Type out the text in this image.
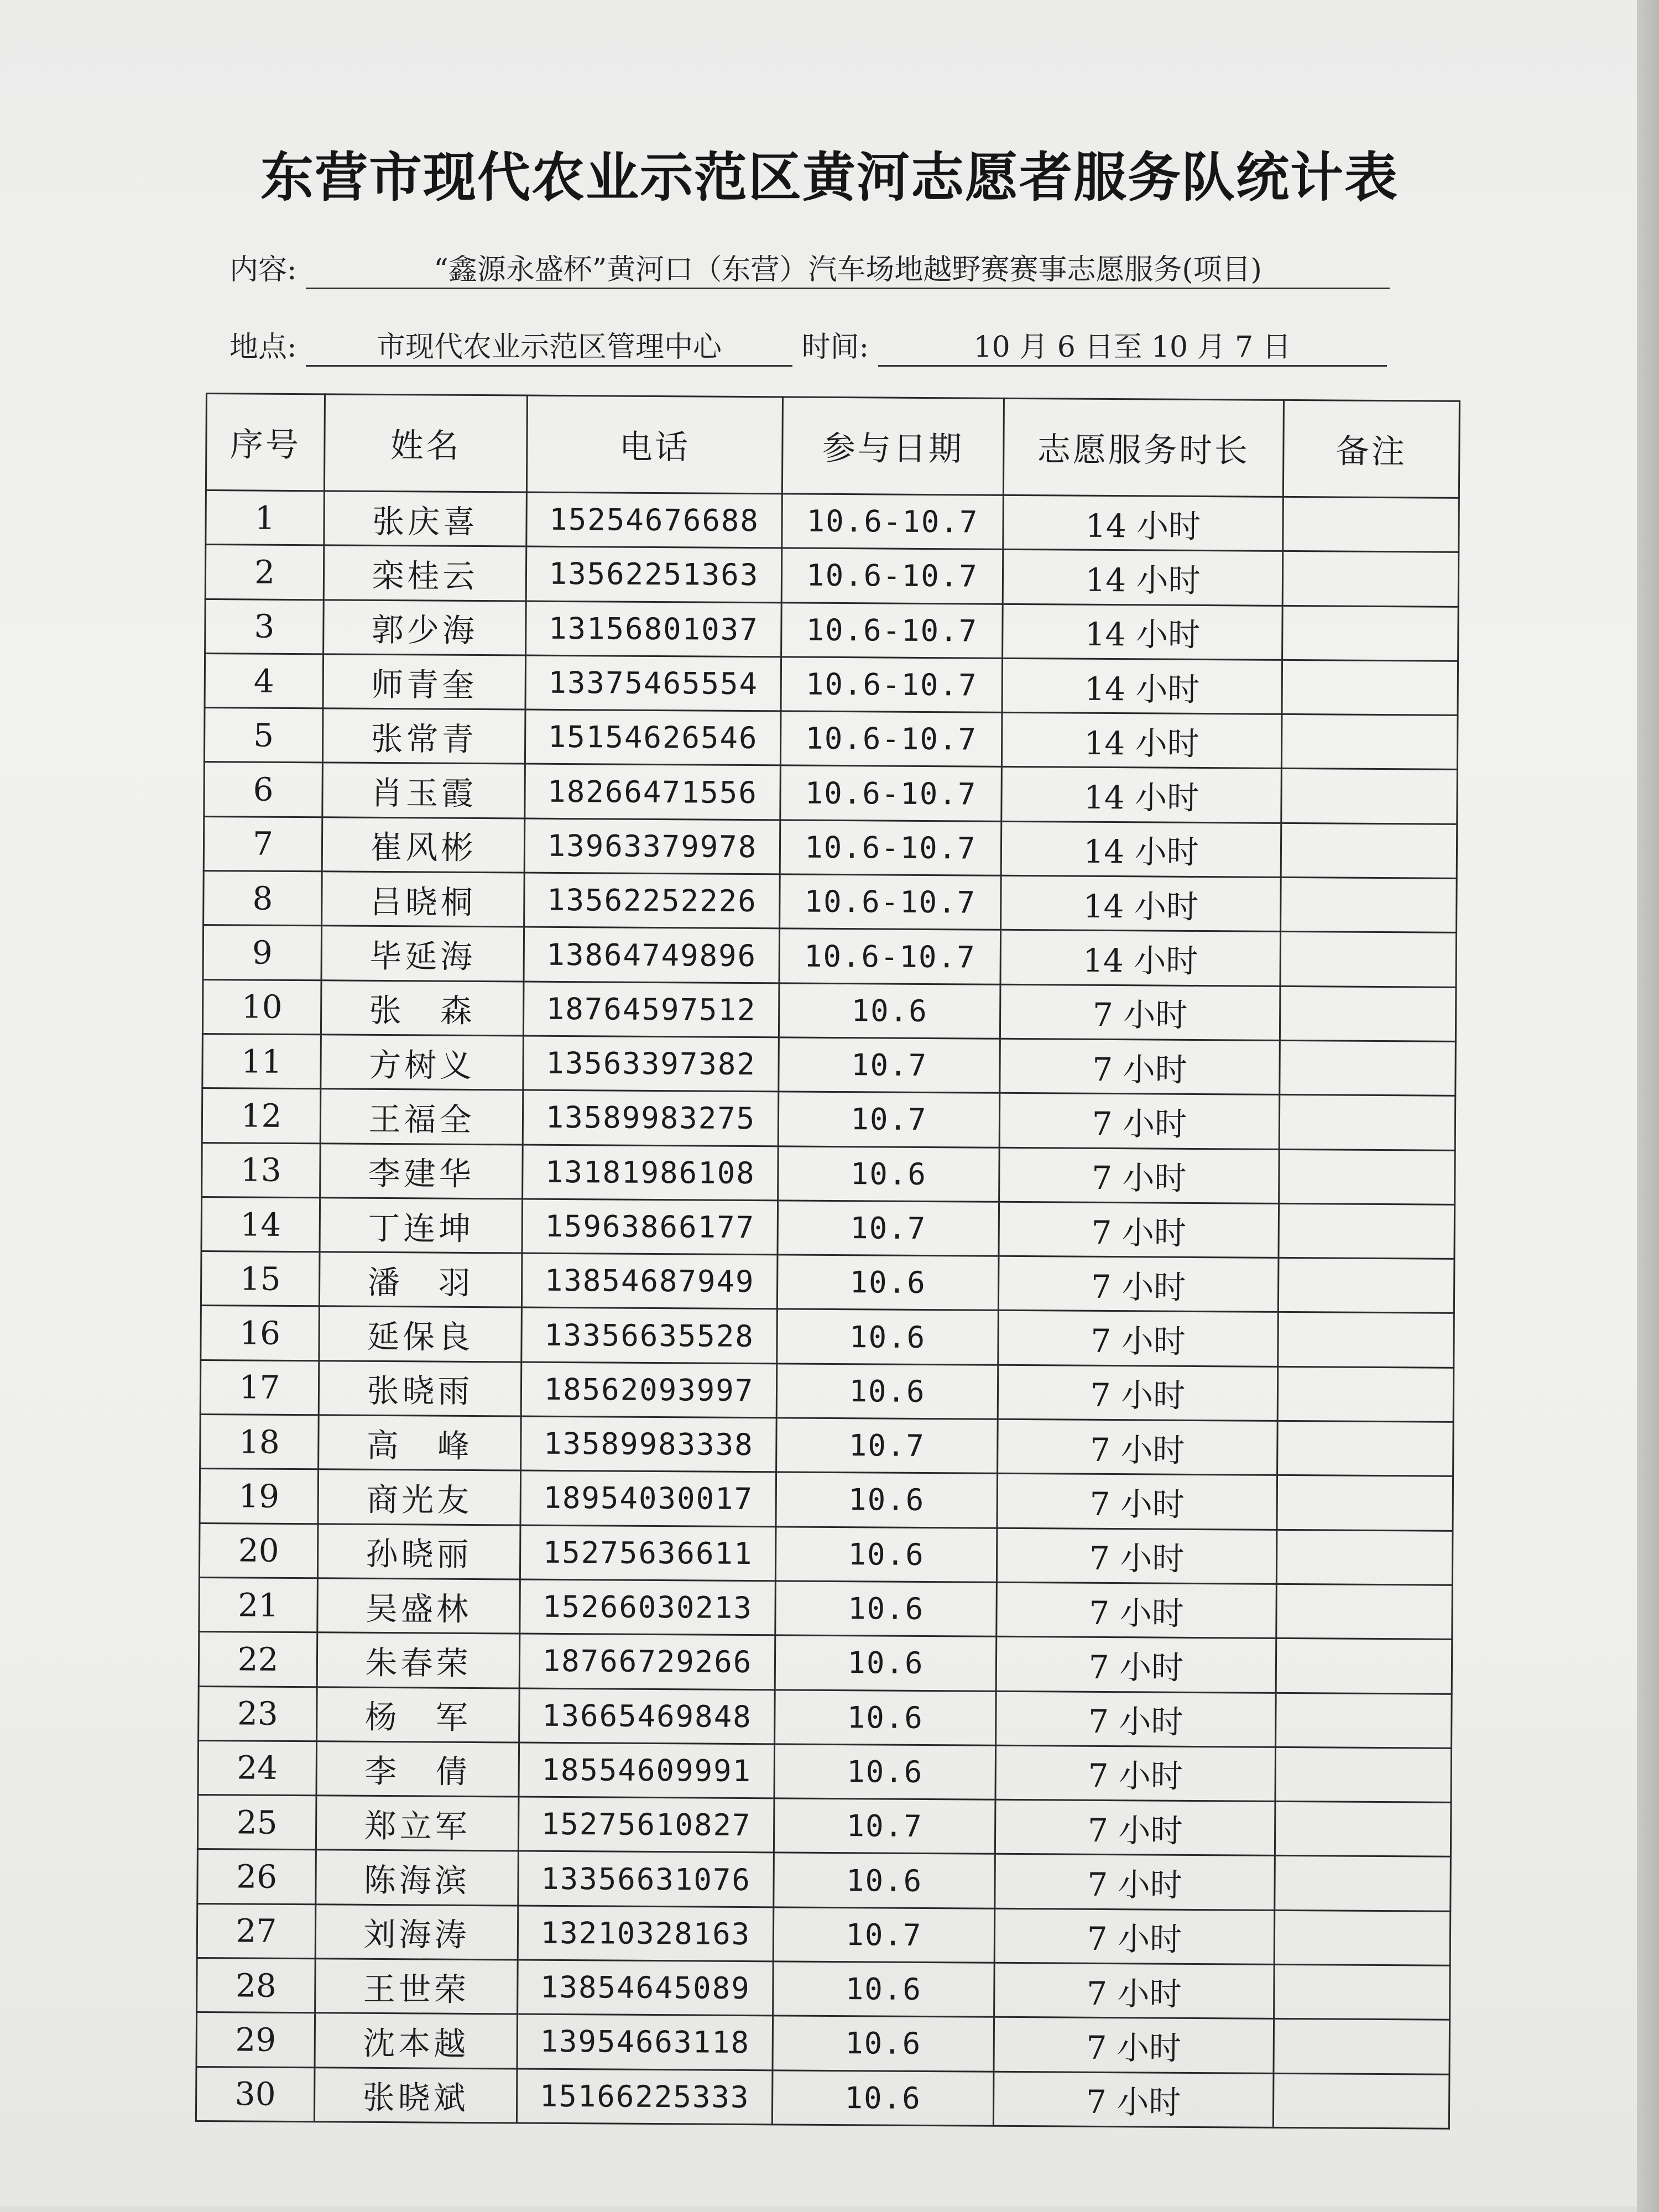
东营市现代农业示范区黄河志愿者服务队统计表
内容:	“鑫源永盛杯”黄河口（东营）汽车场地越野赛赛事志愿服务(项目)
地点:	市现代农业示范区管理中心	时间:	10 月 6 日至 10 月 7 日
序号	姓名	电话	参与日期	志愿服务时长	备注
1	张庆喜	15254676688	10.6-10.7	14 小时	
2	栾桂云	13562251363	10.6-10.7	14 小时	
3	郭少海	13156801037	10.6-10.7	14 小时	
4	师青奎	13375465554	10.6-10.7	14 小时	
5	张常青	15154626546	10.6-10.7	14 小时	
6	肖玉霞	18266471556	10.6-10.7	14 小时	
7	崔风彬	13963379978	10.6-10.7	14 小时	
8	吕晓桐	13562252226	10.6-10.7	14 小时	
9	毕延海	13864749896	10.6-10.7	14 小时	
10	张　森	18764597512	10.6	7 小时	
11	方树义	13563397382	10.7	7 小时	
12	王福全	13589983275	10.7	7 小时	
13	李建华	13181986108	10.6	7 小时	
14	丁连坤	15963866177	10.7	7 小时	
15	潘　羽	13854687949	10.6	7 小时	
16	延保良	13356635528	10.6	7 小时	
17	张晓雨	18562093997	10.6	7 小时	
18	高　峰	13589983338	10.7	7 小时	
19	商光友	18954030017	10.6	7 小时	
20	孙晓丽	15275636611	10.6	7 小时	
21	吴盛林	15266030213	10.6	7 小时	
22	朱春荣	18766729266	10.6	7 小时	
23	杨　军	13665469848	10.6	7 小时	
24	李　倩	18554609991	10.6	7 小时	
25	郑立军	15275610827	10.7	7 小时	
26	陈海滨	13356631076	10.6	7 小时	
27	刘海涛	13210328163	10.7	7 小时	
28	王世荣	13854645089	10.6	7 小时	
29	沈本越	13954663118	10.6	7 小时	
30	张晓斌	15166225333	10.6	7 小时	
